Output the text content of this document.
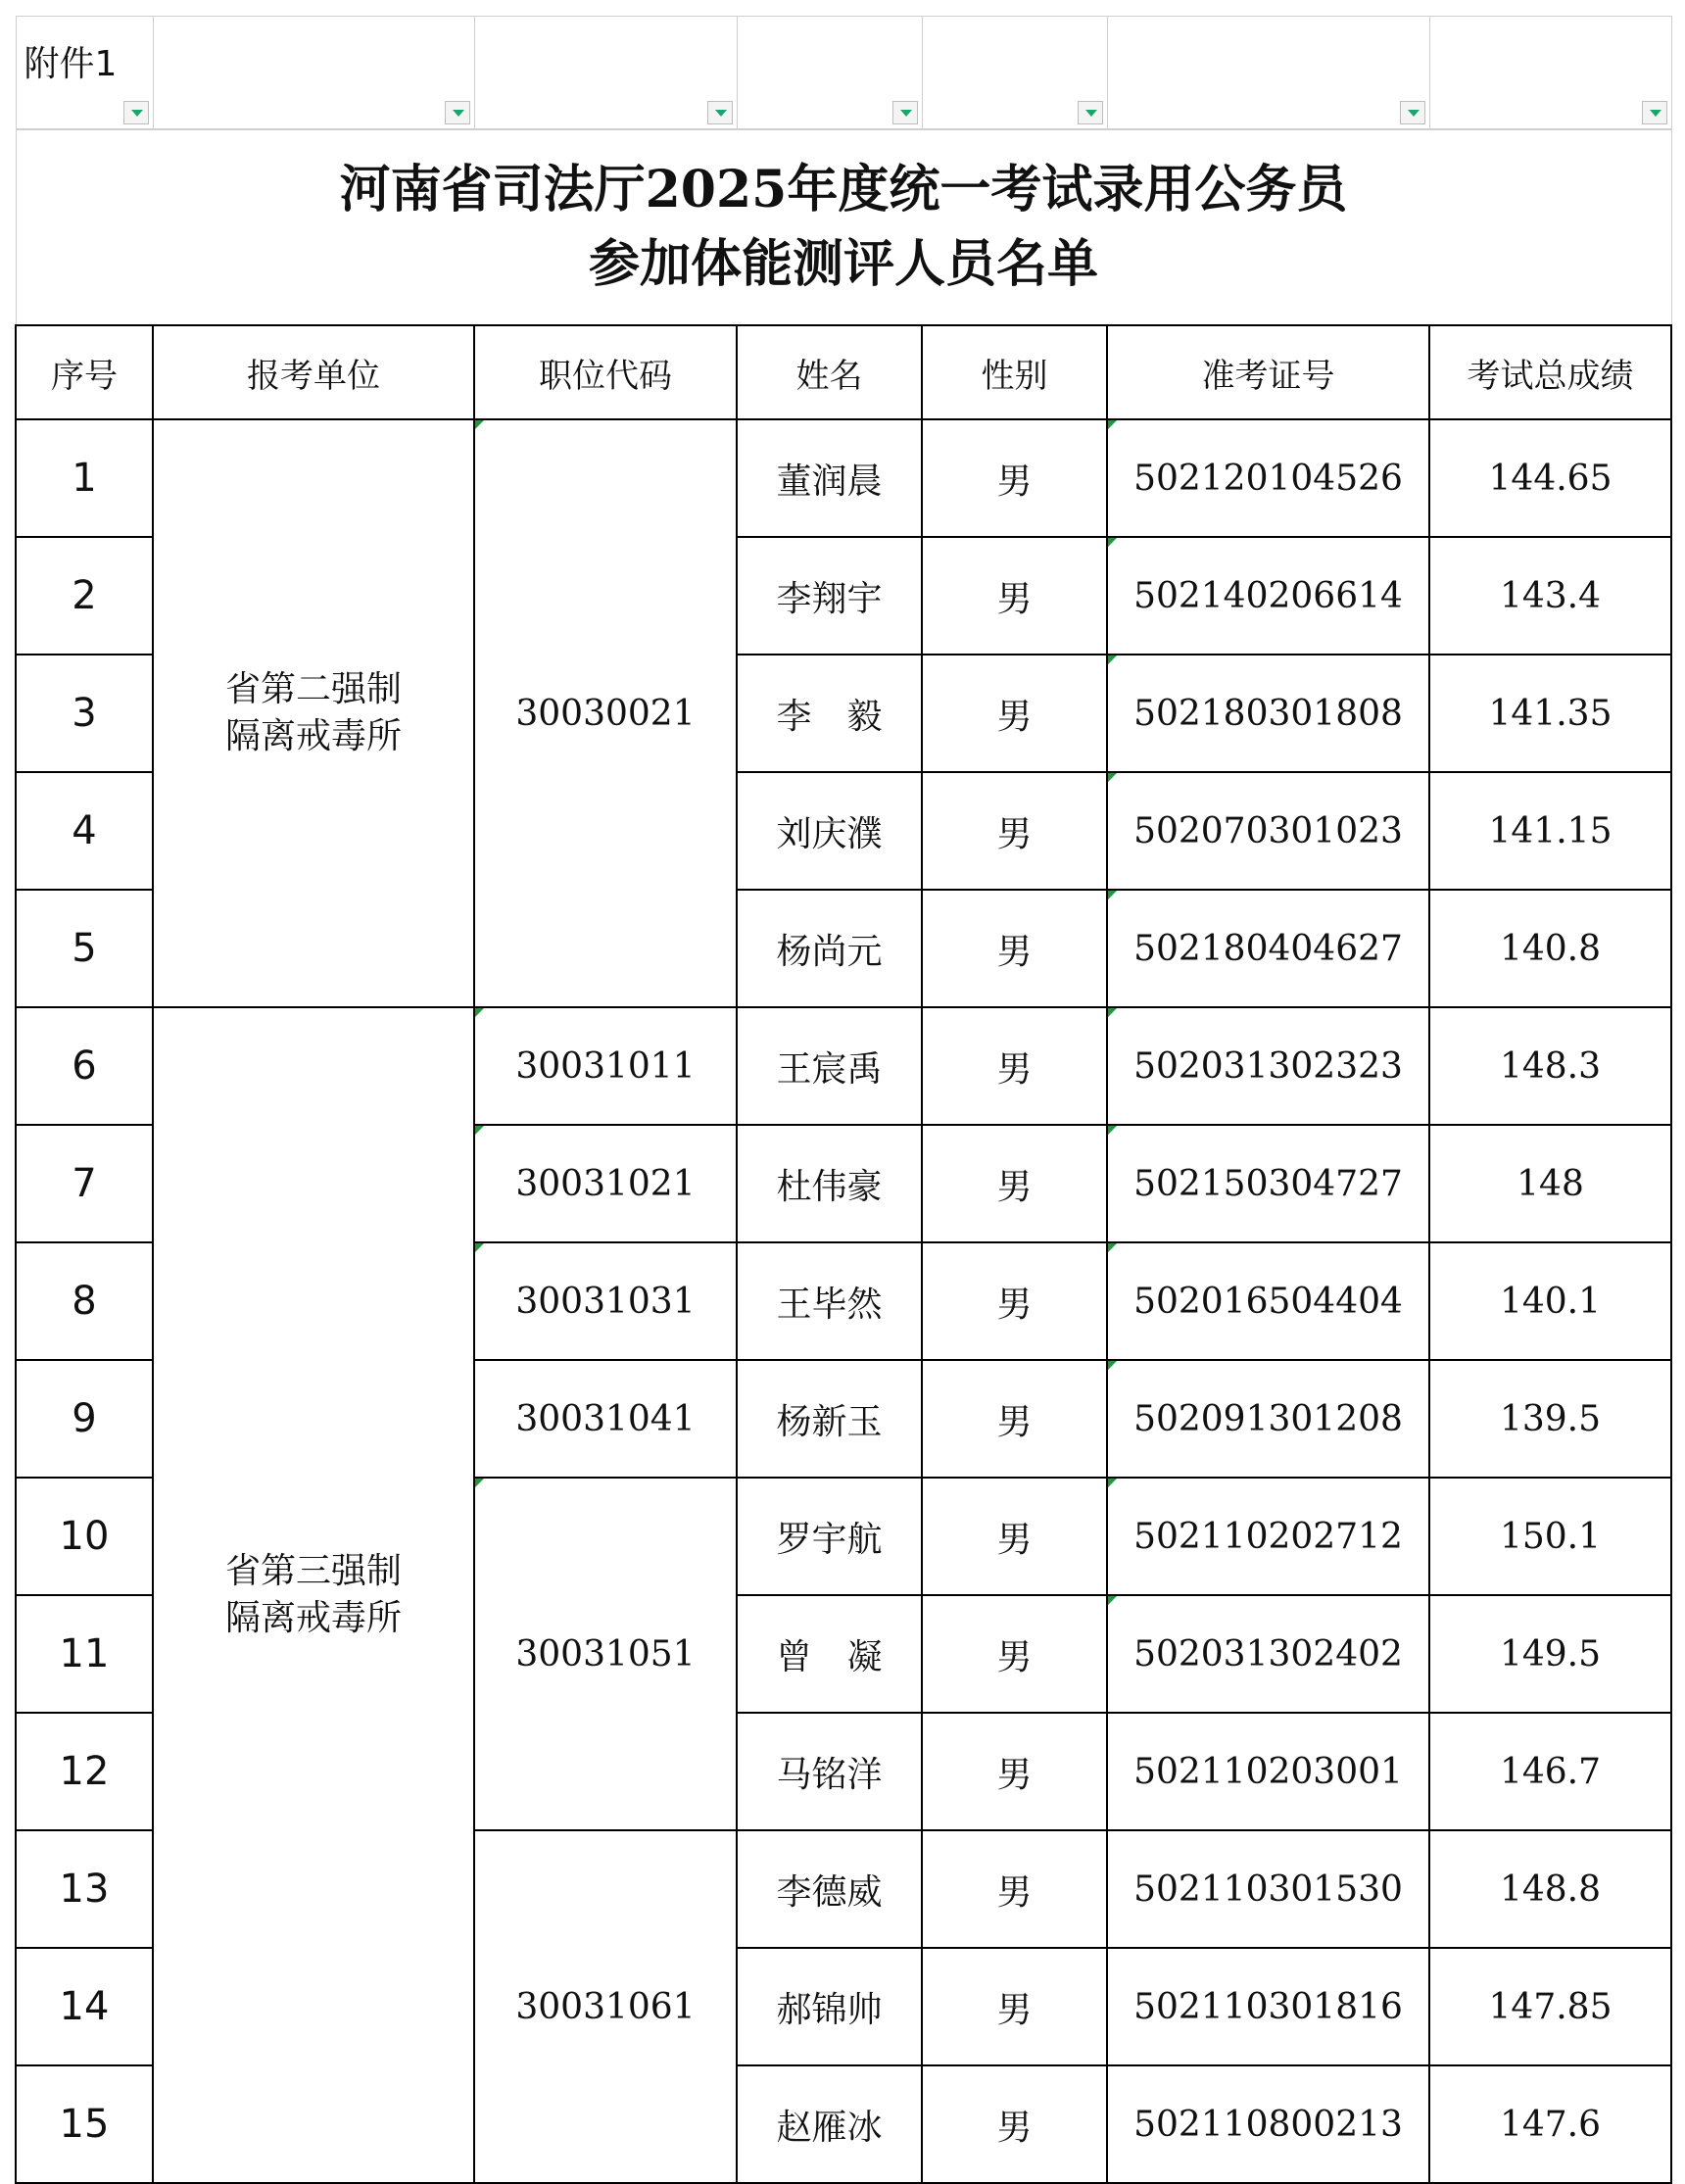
附件1

河南省司法厅2025年度统一考试录用公务员
参加体能测评人员名单						

序号	报考单位	职位代码	姓名	性别	准考证号	考试总成绩
1	省第二强制
隔离戒毒所	30030021	董润晨	男	502120104526	144.65
2			李翔宇	男	502140206614	143.4
3			李　毅	男	502180301808	141.35
4			刘庆濮	男	502070301023	141.15
5			杨尚元	男	502180404627	140.8
6	省第三强制
隔离戒毒所	30031011	王宸禹	男	502031302323	148.3
7		30031021	杜伟豪	男	502150304727	148
8		30031031	王毕然	男	502016504404	140.1
9		30031041	杨新玉	男	502091301208	139.5
10		30031051	罗宇航	男	502110202712	150.1
11			曾　凝	男	502031302402	149.5
12			马铭洋	男	502110203001	146.7
13		30031061	李德威	男	502110301530	148.8
14			郝锦帅	男	502110301816	147.85
15			赵雁冰	男	502110800213	147.6
